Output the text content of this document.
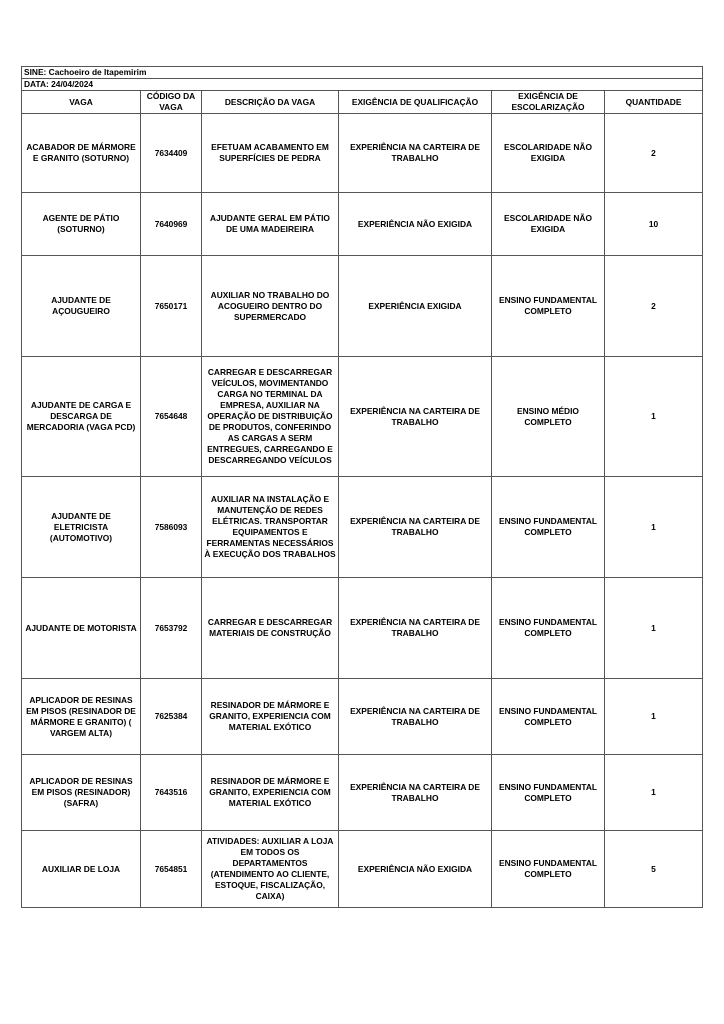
SINE: Cachoeiro de Itapemirim					
DATA: 24/04/2024					
VAGA	CÓDIGO DA VAGA	DESCRIÇÃO DA VAGA	EXIGÊNCIA DE QUALIFICAÇÃO	EXIGÊNCIA DE ESCOLARIZAÇÃO	QUANTIDADE
ACABADOR DE MÁRMORE E GRANITO (SOTURNO)	7634409	EFETUAM ACABAMENTO EM SUPERFÍCIES DE PEDRA	EXPERIÊNCIA NA CARTEIRA DE TRABALHO	ESCOLARIDADE NÃO EXIGIDA	2
AGENTE DE PÁTIO (SOTURNO)	7640969	AJUDANTE GERAL EM PÁTIO DE UMA MADEIREIRA	EXPERIÊNCIA NÃO EXIGIDA	ESCOLARIDADE NÃO EXIGIDA	10
AJUDANTE DE AÇOUGUEIRO	7650171	AUXILIAR NO TRABALHO DO ACOGUEIRO DENTRO DO SUPERMERCADO	EXPERIÊNCIA EXIGIDA	ENSINO FUNDAMENTAL COMPLETO	2
AJUDANTE DE CARGA E DESCARGA DE MERCADORIA (VAGA PCD)	7654648	CARREGAR E DESCARREGAR VEÍCULOS, MOVIMENTANDO CARGA NO TERMINAL DA EMPRESA, AUXILIAR NA OPERAÇÃO DE DISTRIBUIÇÃO DE PRODUTOS, CONFERINDO AS CARGAS A SERM ENTREGUES, CARREGANDO E DESCARREGANDO VEÍCULOS	EXPERIÊNCIA NA CARTEIRA DE TRABALHO	ENSINO MÉDIO COMPLETO	1
AJUDANTE DE ELETRICISTA (AUTOMOTIVO)	7586093	AUXILIAR NA INSTALAÇÃO E MANUTENÇÃO DE REDES ELÉTRICAS. TRANSPORTAR EQUIPAMENTOS E FERRAMENTAS NECESSÁRIOS À EXECUÇÃO DOS TRABALHOS	EXPERIÊNCIA NA CARTEIRA DE TRABALHO	ENSINO FUNDAMENTAL COMPLETO	1
AJUDANTE DE MOTORISTA	7653792	CARREGAR E DESCARREGAR MATERIAIS DE CONSTRUÇÃO	EXPERIÊNCIA NA CARTEIRA DE TRABALHO	ENSINO FUNDAMENTAL COMPLETO	1
APLICADOR DE RESINAS EM PISOS (RESINADOR DE MÁRMORE E GRANITO) ( VARGEM ALTA)	7625384	RESINADOR DE MÁRMORE E GRANITO, EXPERIENCIA COM MATERIAL EXÓTICO	EXPERIÊNCIA NA CARTEIRA DE TRABALHO	ENSINO FUNDAMENTAL COMPLETO	1
APLICADOR DE RESINAS EM PISOS (RESINADOR) (SAFRA)	7643516	RESINADOR DE MÁRMORE E GRANITO, EXPERIENCIA COM MATERIAL EXÓTICO	EXPERIÊNCIA NA CARTEIRA DE TRABALHO	ENSINO FUNDAMENTAL COMPLETO	1
AUXILIAR DE LOJA	7654851	ATIVIDADES: AUXILIAR A LOJA EM TODOS OS DEPARTAMENTOS (ATENDIMENTO AO CLIENTE, ESTOQUE, FISCALIZAÇÃO, CAIXA)	EXPERIÊNCIA NÃO EXIGIDA	ENSINO FUNDAMENTAL COMPLETO	5
